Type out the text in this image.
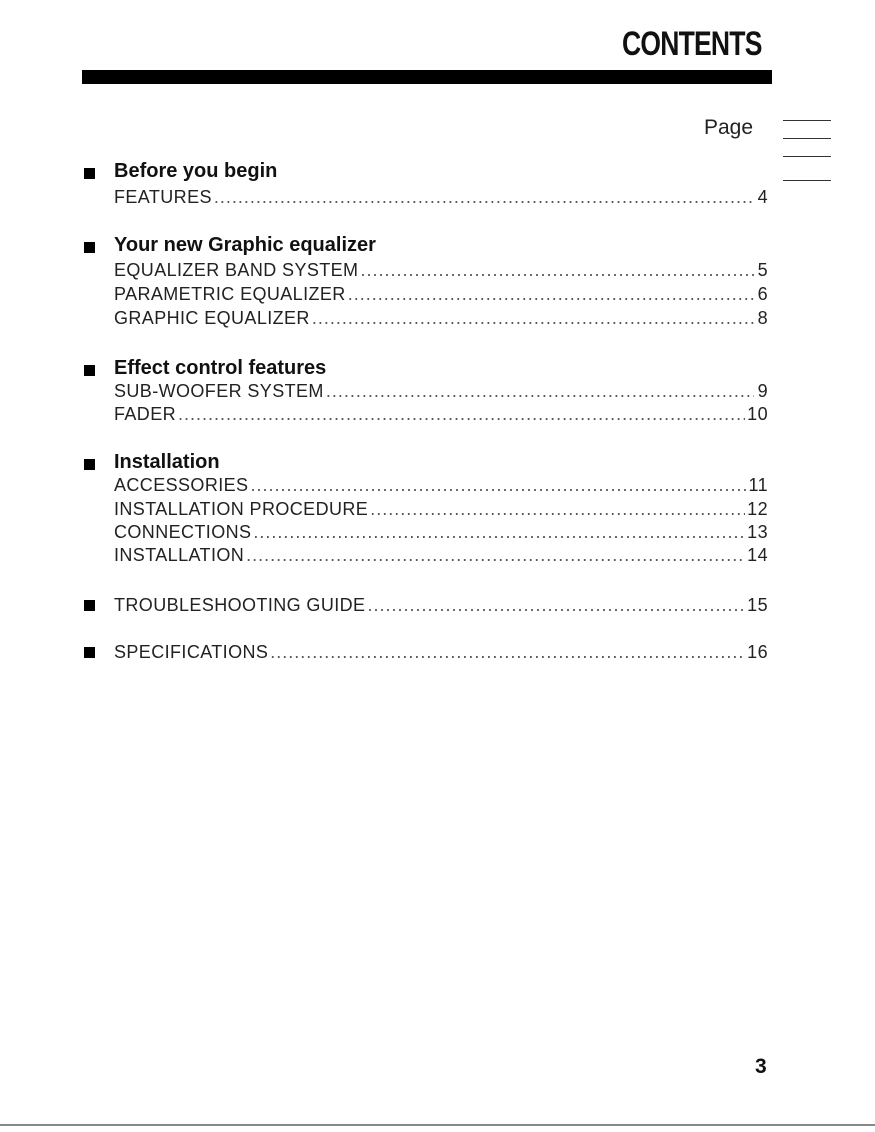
CONTENTS
Page
Before you begin
FEATURES .....	4
Your new Graphic equalizer
EQUALIZER BAND SYSTEM .....	5
PARAMETRIC EQUALIZER .....	6
GRAPHIC EQUALIZER .....	8
Effect control features
SUB-WOOFER SYSTEM .....	9
FADER .....	10
Installation
ACCESSORIES .....	11
INSTALLATION PROCEDURE .....	12
CONNECTIONS .....	13
INSTALLATION .....	14
TROUBLESHOOTING GUIDE .....	15
SPECIFICATIONS .....	16
3
